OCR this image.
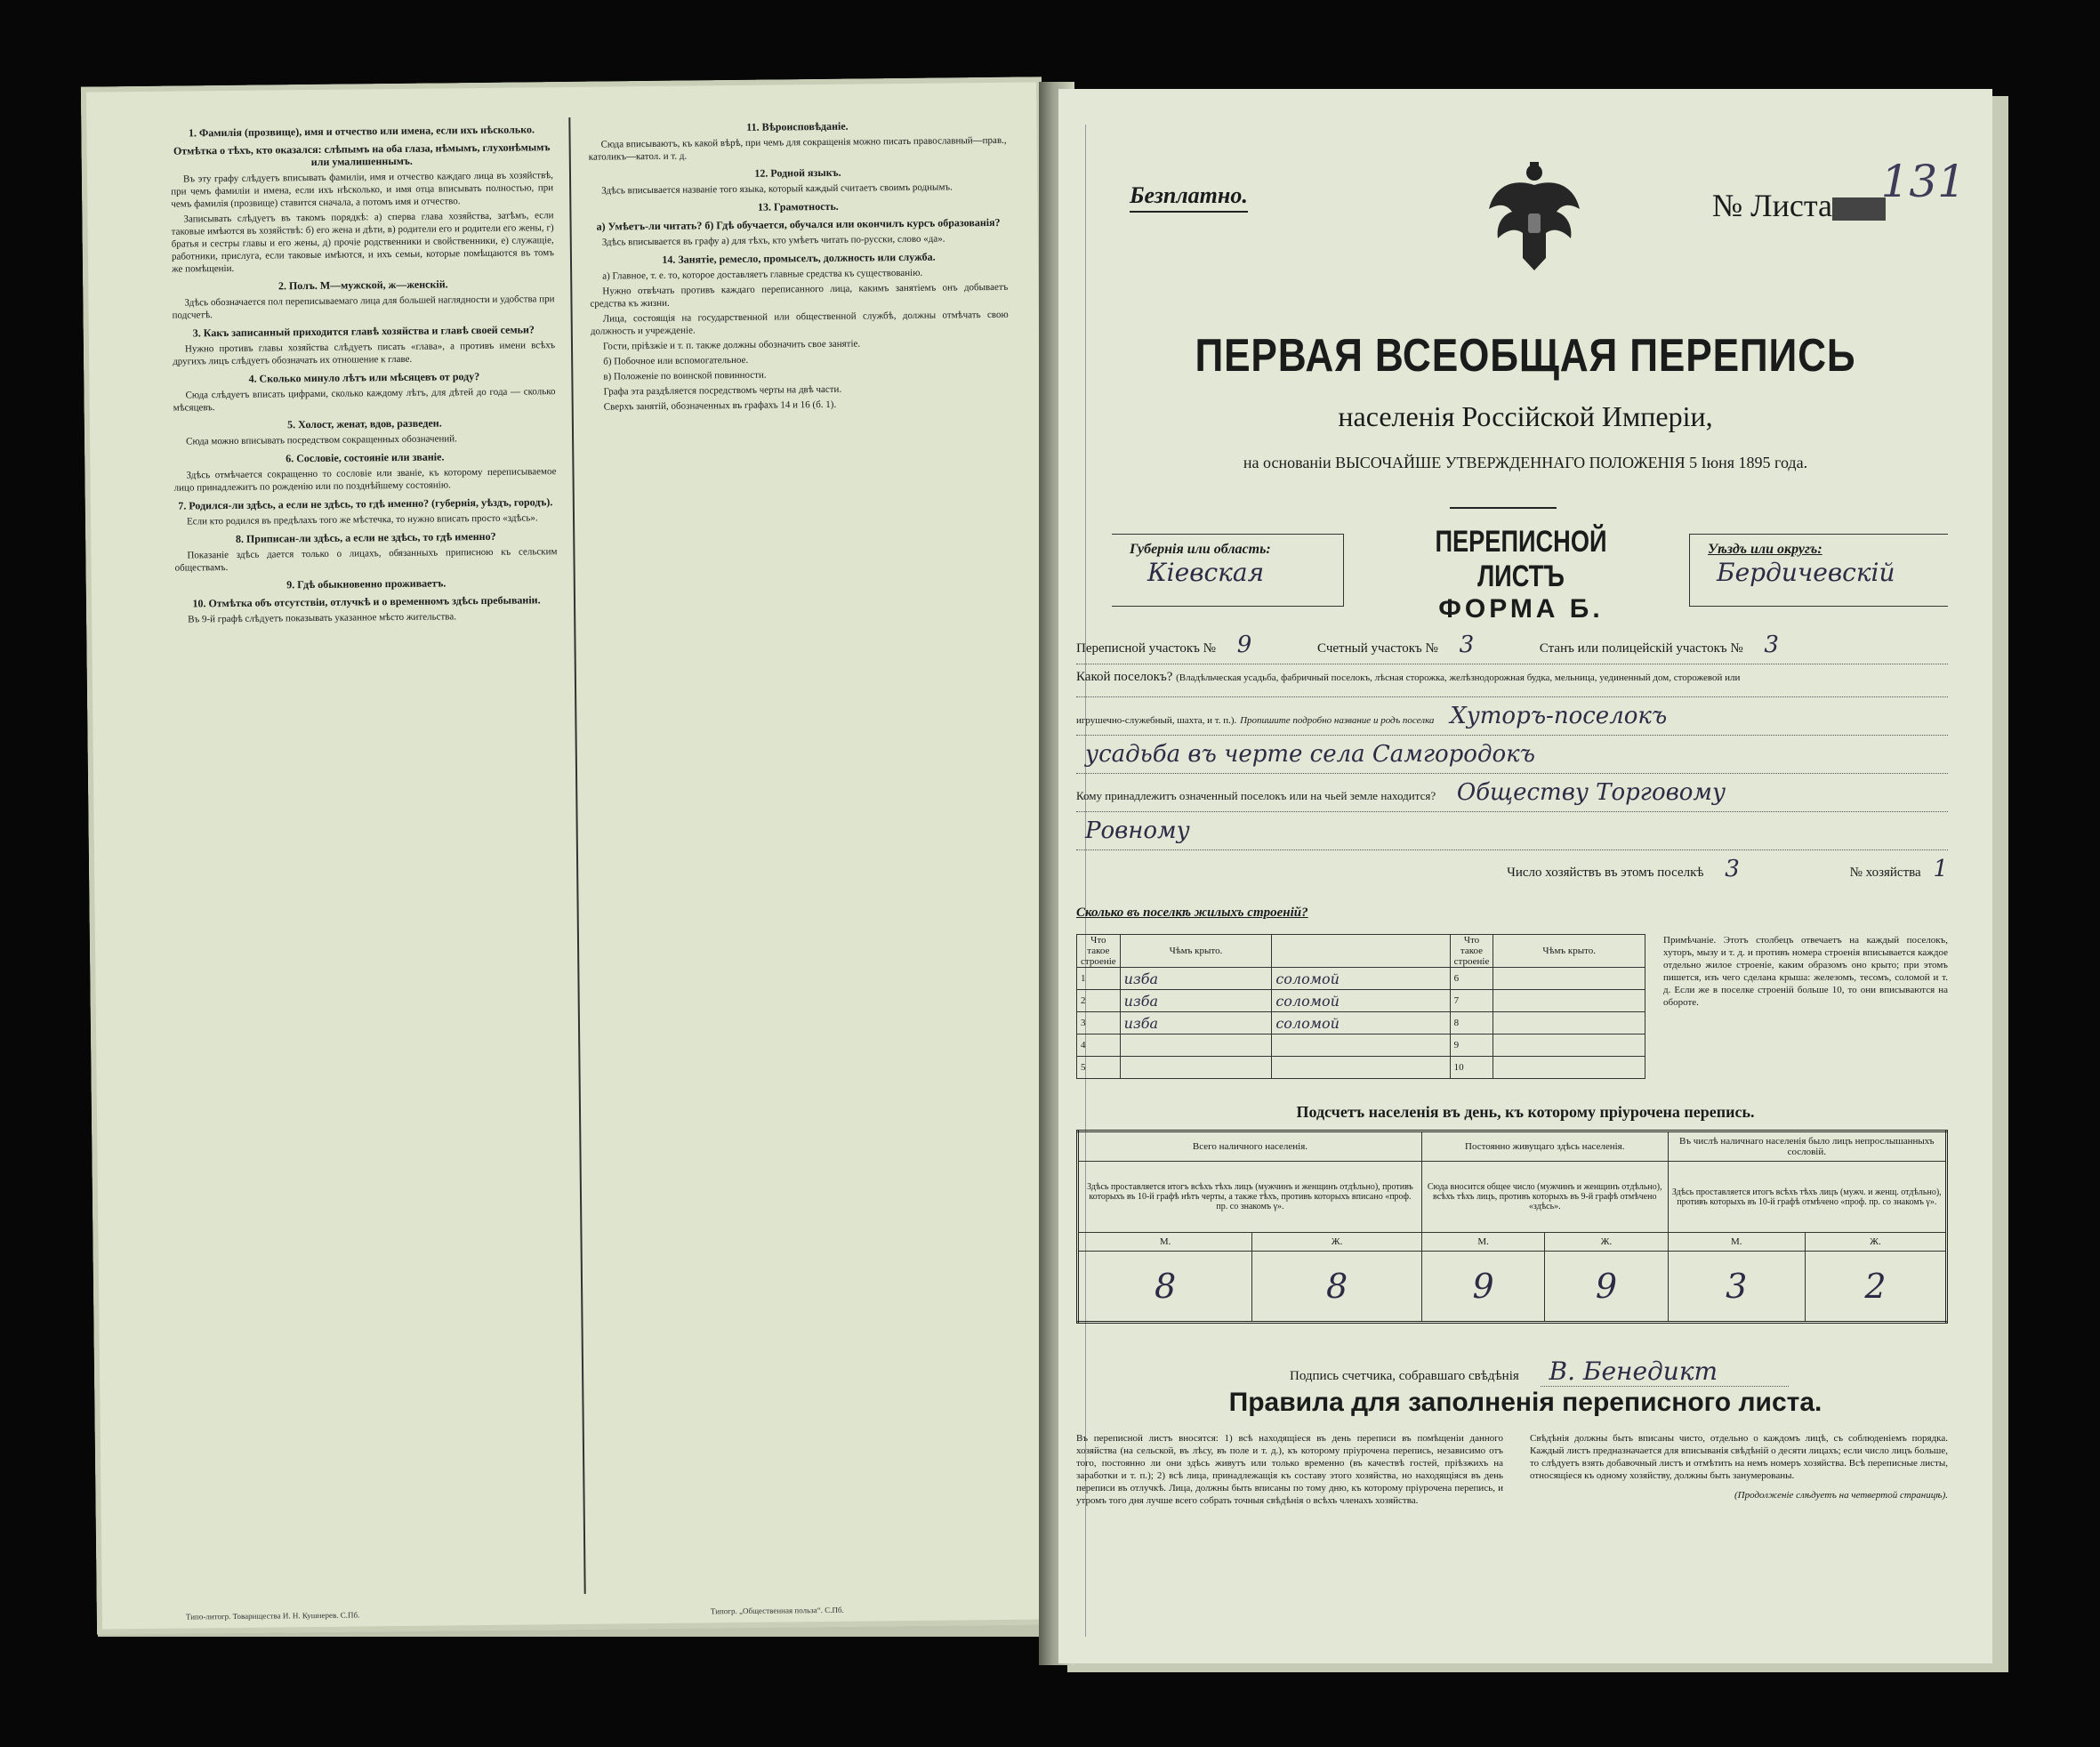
1. Фамилія (прозвище), имя и отчество или имена, если ихъ нѣсколько.
Отмѣтка о тѣхъ, кто оказался: слѣпымъ на оба глаза, нѣмымъ, глухонѣмымъ или умалишеннымъ.

Въ эту графу слѣдуетъ вписывать фамиліи, имя и отчество каждаго лица въ хозяйствѣ, при чемъ фамиліи и имена, если ихъ нѣсколько, и имя отца вписывать полностью, при чемъ фамилія (прозвище) ставится сначала, а потомъ имя и отчество.

Записывать слѣдуетъ въ такомъ порядкѣ: а) сперва глава хозяйства, затѣмъ, если таковые имѣются въ хозяйствѣ: б) его жена и дѣти, в) родители его и родители его жены, г) братья и сестры главы и его жены, д) прочіе родственники и свойственники, е) служащіе, работники, прислуга, если таковые имѣются, и ихъ семьи, которые помѣщаются въ томъ же помѣщеніи.

2. Полъ. М—мужской, ж—женскій.

Здѣсь обозначается пол переписываемаго лица для большей наглядности и удобства при подсчетѣ.

3. Какъ записанный приходится главѣ хозяйства и главѣ своей семьи?

Нужно противъ главы хозяйства слѣдуетъ писать «глава», а противъ имени всѣхъ другихъ лицъ слѣдуетъ обозначать их отношение к главе.

4. Сколько минуло лѣтъ или мѣсяцевъ от роду?

Сюда слѣдуетъ вписать цифрами, сколько каждому лѣтъ, для дѣтей до года — сколько мѣсяцевъ.

5. Холост, женат, вдов, разведен.

Сюда можно вписывать посредством сокращенных обозначений.

6. Сословіе, состояніе или званіе.

Здѣсь отмѣчается сокращенно то сословіе или званіе, къ которому переписываемое лицо принадлежитъ по рожденію или по позднѣйшему состоянію.

7. Родился-ли здѣсь, а если не здѣсь, то гдѣ именно? (губернія, уѣздъ, городъ).

Если кто родился въ предѣлахъ того же мѣстечка, то нужно вписать просто «здѣсь».

8. Приписан-ли здѣсь, а если не здѣсь, то гдѣ именно?

Показаніе здѣсь дается только о лицахъ, обязанныхъ приписною къ сельским обществамъ.

9. Гдѣ обыкновенно проживаетъ.
10. Отмѣтка объ отсутствіи, отлучкѣ и о временномъ здѣсь пребываніи.

Въ 9-й графѣ слѣдуетъ показывать указанное мѣсто жительства.

11. Вѣроисповѣданіе.

Сюда вписываютъ, къ какой вѣрѣ, при чемъ для сокращенія можно писать православный—прав., католикъ—катол. и т. д.

12. Родной языкъ.

Здѣсь вписывается названіе того языка, который каждый считаетъ своимъ роднымъ.

13. Грамотность.
а) Умѣетъ-ли читать? б) Гдѣ обучается, обучался или окончилъ курсъ образованія?

Здѣсь вписывается въ графу а) для тѣхъ, кто умѣетъ читать по-русски, слово «да».

14. Занятіе, ремесло, промыселъ, должность или служба.

а) Главное, т. е. то, которое доставляетъ главные средства къ существованію.

Нужно отвѣчать противъ каждаго переписанного лица, какимъ занятіемъ онъ добываетъ средства къ жизни.

Лица, состоящія на государственной или общественной службѣ, должны отмѣчать свою должность и учрежденіе.

Гости, пріѣзжіе и т. п. также должны обозначить свое занятіе.

б) Побочное или вспомогательное.

в) Положеніе по воинской повинности.

Графа эта раздѣляется посредствомъ черты на двѣ части.

Сверхъ занятій, обозначенных въ графахъ 14 и 16 (б. 1).

Типо-литогр. Товарищества И. Н. Кушнерев. С.Пб.	Типогр. „Общественная польза“. С.Пб.
Безплатно.	№ Листа	131
ПЕРВАЯ ВСЕОБЩАЯ ПЕРЕПИСЬ
населенія Россійской Имперіи,
на основаніи ВЫСОЧАЙШЕ УТВЕРЖДЕННАГО ПОЛОЖЕНІЯ 5 Іюня 1895 года.
Губернія или область:
Кіевская
ПЕРЕПИСНОЙ ЛИСТЪ
ФОРМА Б.
Уѣздъ или округъ:
Бердичевскій
Переписной участокъ № 9	Счетный участокъ № 3	Станъ или полицейскій участокъ № 3
Какой поселокъ? (Владѣльческая усадьба, фабричный поселокъ, лѣсная сторожка, желѣзнодорожная будка, мельница, уединенный дом, сторожевой или
игрушечно-служебный, шахта, и т. п.). Пропишите подробно название и родъ поселка Хуторъ-поселокъ
усадьба въ черте села Самгородокъ
Кому принадлежитъ означенный поселокъ или на чьей земле находится? Обществу Торговому
Ровному
Число хозяйствъ въ этомъ поселкѣ 3	№ хозяйства 1
Сколько въ поселкѣ жилыхъ строеній?
Что такое строеніе	Чѣмъ крыто.		Что такое строеніе	Чѣмъ крыто.
1	изба	соломой	6	
2	изба	соломой	7	
3	изба	соломой	8	
4			9	
5			10	
Примѣчаніе. Этотъ столбецъ отвечаетъ на каждый поселокъ, хуторъ, мызу и т. д. и противъ номера строенія вписывается каждое отдельно жилое строеніе, каким образомъ оно крыто; при этомъ пишется, изъ чего сделана крыша: железомъ, тесомъ, соломой и т. д. Если же в поселке строеній больше 10, то они вписываются на обороте.
Подсчетъ населенія въ день, къ которому пріурочена перепись.
Всего наличного населенія.		Постоянно живущаго здѣсь населенія.		Въ числѣ наличнаго населенія было лицъ непрослышанныхъ сословій.	
Здѣсь проставляется итогъ всѣхъ тѣхъ лицъ (мужчинъ и женщинъ отдѣльно), противъ которыхъ въ 10-й графѣ нѣтъ черты, а также тѣхъ, противъ которыхъ вписано «проф. пр. со знакомъ γ».		Сюда вносится общее число (мужчинъ и женщинъ отдѣльно), всѣхъ тѣхъ лицъ, противъ которыхъ въ 9-й графѣ отмѣчено «здѣсь».		Здѣсь проставляется итогъ всѣхъ тѣхъ лицъ (мужч. и женщ. отдѣльно), противъ которыхъ въ 10-й графѣ отмѣчено «проф. пр. со знакомъ γ».	
М.	Ж.	М.	Ж.	М.	Ж.
8	8	9	9	3	2
Подпись счетчика, собравшаго свѣдѣнія В. Бенедикт
Правила для заполненія переписного листа.
Въ переписной листъ вносятся: 1) всѣ находящіеся въ день переписи въ помѣщеніи данного хозяйства (на сельской, въ лѣсу, въ поле и т. д.), къ которому пріурочена перепись, независимо отъ того, постоянно ли они здѣсь живутъ или только временно (въ качествѣ гостей, пріѣзжихъ на заработки и т. п.); 2) всѣ лица, принадлежащія къ составу этого хозяйства, но находящіяся въ день переписи въ отлучкѣ. Лица, должны быть вписаны по тому дню, къ которому пріурочена перепись, и утромъ того дня лучше всего собрать точныя свѣдѣнія о всѣхъ членахъ хозяйства.
Свѣдѣнія должны быть вписаны чисто, отдельно о каждомъ лицѣ, съ соблюденіемъ порядка. Каждый листъ предназначается для вписыванія свѣдѣній о десяти лицахъ; если число лицъ больше, то слѣдуетъ взять добавочный листъ и отмѣтить на немъ номеръ хозяйства. Всѣ переписные листы, относящіеся къ одному хозяйству, должны быть занумерованы.
(Продолженіе слѣдуетъ на четвертой страницѣ).
